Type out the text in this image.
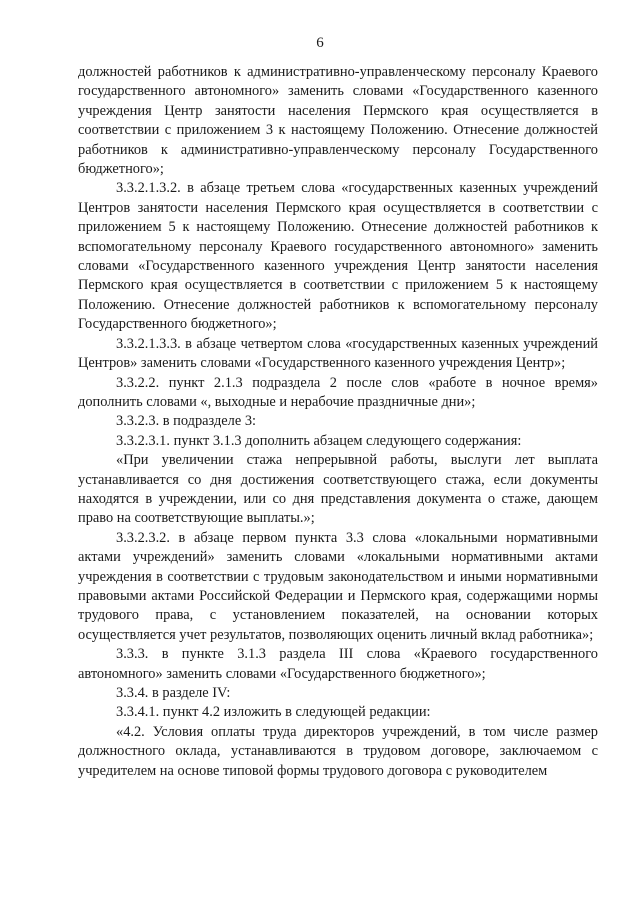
6

должностей работников к административно-управленческому персоналу Краевого государственного автономного» заменить словами «Государственного казенного учреждения Центр занятости населения Пермского края осуществляется в соответствии с приложением 3 к настоящему Положению. Отнесение должностей работников к административно-управленческому персоналу Государственного бюджетного»;

3.3.2.1.3.2. в абзаце третьем слова «государственных казенных учреждений Центров занятости населения Пермского края осуществляется в соответствии с приложением 5 к настоящему Положению. Отнесение должностей работников к вспомогательному персоналу Краевого государственного автономного» заменить словами «Государственного казенного учреждения Центр занятости населения Пермского края осуществляется в соответствии с приложением 5 к настоящему Положению. Отнесение должностей работников к вспомогательному персоналу Государственного бюджетного»;

3.3.2.1.3.3. в абзаце четвертом слова «государственных казенных учреждений Центров» заменить словами «Государственного казенного учреждения Центр»;

3.3.2.2. пункт 2.1.3 подраздела 2 после слов «работе в ночное время» дополнить словами «, выходные и нерабочие праздничные дни»;

3.3.2.3. в подразделе 3:

3.3.2.3.1. пункт 3.1.3 дополнить абзацем следующего содержания:

«При увеличении стажа непрерывной работы, выслуги лет выплата устанавливается со дня достижения соответствующего стажа, если документы находятся в учреждении, или со дня представления документа о стаже, дающем право на соответствующие выплаты.»;

3.3.2.3.2. в абзаце первом пункта 3.3 слова «локальными нормативными актами учреждений» заменить словами «локальными нормативными актами учреждения в соответствии с трудовым законодательством и иными нормативными правовыми актами Российской Федерации и Пермского края, содержащими нормы трудового права, с установлением показателей, на основании которых осуществляется учет результатов, позволяющих оценить личный вклад работника»;

3.3.3. в пункте 3.1.3 раздела III слова «Краевого государственного автономного» заменить словами «Государственного бюджетного»;

3.3.4. в разделе IV:

3.3.4.1. пункт 4.2 изложить в следующей редакции:

«4.2. Условия оплаты труда директоров учреждений, в том числе размер должностного оклада, устанавливаются в трудовом договоре, заключаемом с учредителем на основе типовой формы трудового договора с руководителем
